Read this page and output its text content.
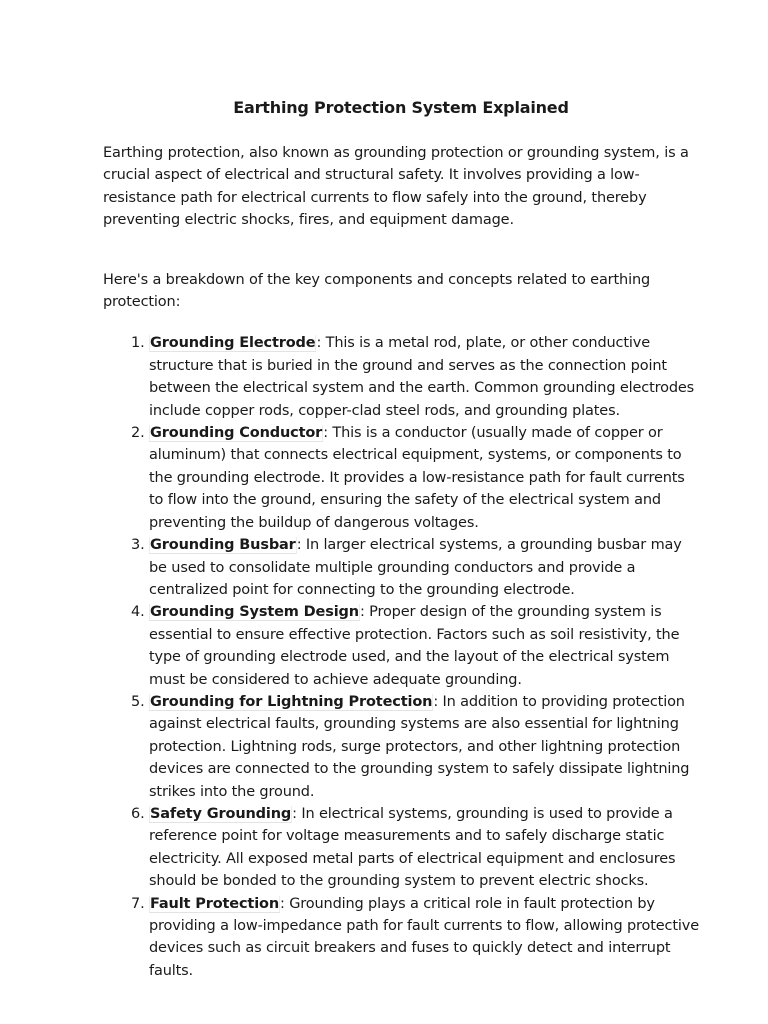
Earthing Protection System Explained

Earthing protection, also known as grounding protection or grounding system, is a crucial aspect of electrical and structural safety. It involves providing a low-resistance path for electrical currents to flow safely into the ground, thereby preventing electric shocks, fires, and equipment damage.

Here's a breakdown of the key components and concepts related to earthing protection:

1. Grounding Electrode: This is a metal rod, plate, or other conductive structure that is buried in the ground and serves as the connection point between the electrical system and the earth. Common grounding electrodes include copper rods, copper-clad steel rods, and grounding plates.
2. Grounding Conductor: This is a conductor (usually made of copper or aluminum) that connects electrical equipment, systems, or components to the grounding electrode. It provides a low-resistance path for fault currents to flow into the ground, ensuring the safety of the electrical system and preventing the buildup of dangerous voltages.
3. Grounding Busbar: In larger electrical systems, a grounding busbar may be used to consolidate multiple grounding conductors and provide a centralized point for connecting to the grounding electrode.
4. Grounding System Design: Proper design of the grounding system is essential to ensure effective protection. Factors such as soil resistivity, the type of grounding electrode used, and the layout of the electrical system must be considered to achieve adequate grounding.
5. Grounding for Lightning Protection: In addition to providing protection against electrical faults, grounding systems are also essential for lightning protection. Lightning rods, surge protectors, and other lightning protection devices are connected to the grounding system to safely dissipate lightning strikes into the ground.
6. Safety Grounding: In electrical systems, grounding is used to provide a reference point for voltage measurements and to safely discharge static electricity. All exposed metal parts of electrical equipment and enclosures should be bonded to the grounding system to prevent electric shocks.
7. Fault Protection: Grounding plays a critical role in fault protection by providing a low-impedance path for fault currents to flow, allowing protective devices such as circuit breakers and fuses to quickly detect and interrupt faults.
